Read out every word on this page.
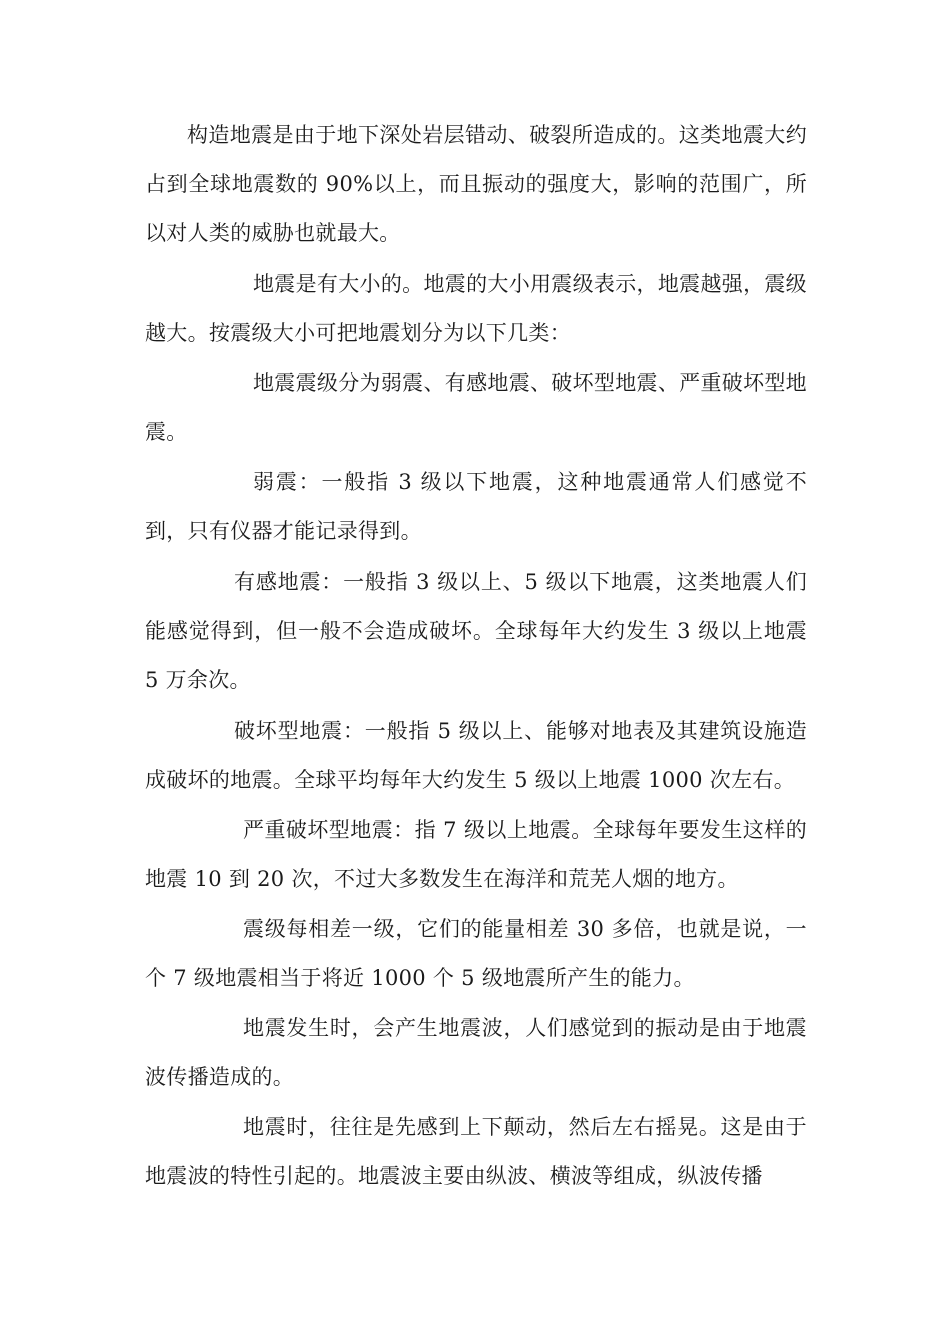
构造地震是由于地下深处岩层错动、破裂所造成的。这类地震大约占到全球地震数的 90%以上，而且振动的强度大，影响的范围广，所以对人类的威胁也就最大。

地震是有大小的。地震的大小用震级表示，地震越强，震级越大。按震级大小可把地震划分为以下几类：

地震震级分为弱震、有感地震、破坏型地震、严重破坏型地震。

弱震：一般指 3 级以下地震，这种地震通常人们感觉不到，只有仪器才能记录得到。

有感地震：一般指 3 级以上、5 级以下地震，这类地震人们能感觉得到，但一般不会造成破坏。全球每年大约发生 3 级以上地震 5 万余次。

破坏型地震：一般指 5 级以上、能够对地表及其建筑设施造成破坏的地震。全球平均每年大约发生 5 级以上地震 1000 次左右。

严重破坏型地震：指 7 级以上地震。全球每年要发生这样的地震 10 到 20 次，不过大多数发生在海洋和荒芜人烟的地方。

震级每相差一级，它们的能量相差 30 多倍，也就是说，一个 7 级地震相当于将近 1000 个 5 级地震所产生的能力。

地震发生时，会产生地震波，人们感觉到的振动是由于地震波传播造成的。

地震时，往往是先感到上下颠动，然后左右摇晃。这是由于地震波的特性引起的。地震波主要由纵波、横波等组成，纵波传播
